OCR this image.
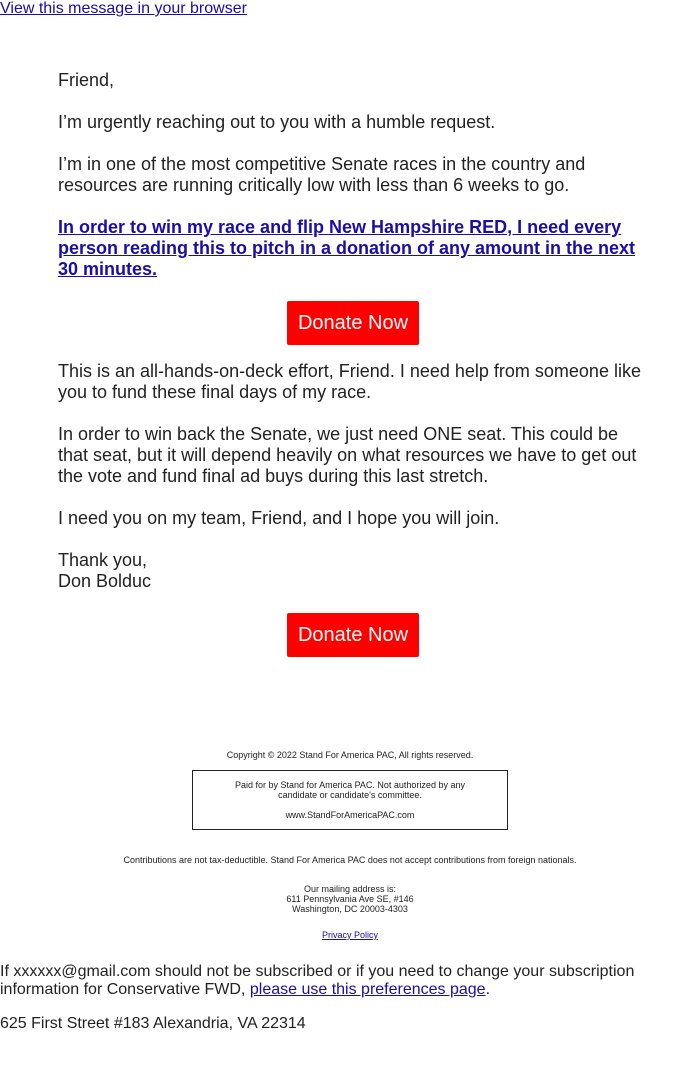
View this message in your browser

Friend,

I’m urgently reaching out to you with a humble request.

I’m in one of the most competitive Senate races in the country and resources are running critically low with less than 6 weeks to go.

In order to win my race and flip New Hampshire RED, I need every person reading this to pitch in a donation of any amount in the next 30 minutes.

Donate Now

This is an all-hands-on-deck effort, Friend. I need help from someone like you to fund these final days of my race.

In order to win back the Senate, we just need ONE seat. This could be that seat, but it will depend heavily on what resources we have to get out the vote and fund final ad buys during this last stretch.

I need you on my team, Friend, and I hope you will join.

Thank you,
Don Bolduc

Donate Now
Copyright © 2022 Stand For America PAC, All rights reserved.
Paid for by Stand for America PAC. Not authorized by any
candidate or candidate's committee.
www.StandForAmericaPAC.com
Contributions are not tax-deductible. Stand For America PAC does not accept contributions from foreign nationals.
Our mailing address is:
611 Pennsylvania Ave SE, #146
Washington, DC 20003-4303
Privacy Policy

If xxxxxx@gmail.com should not be subscribed or if you need to change your subscription
information for Conservative FWD, please use this preferences page.

625 First Street #183 Alexandria, VA 22314
